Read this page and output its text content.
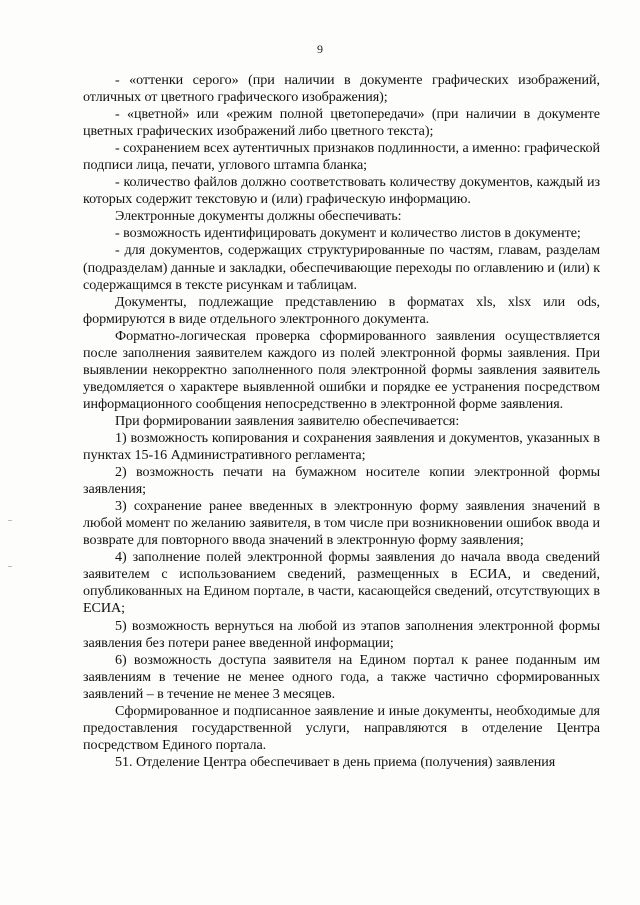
9

- «оттенки серого» (при наличии в документе графических изображений, отличных от цветного графического изображения);

- «цветной» или «режим полной цветопередачи» (при наличии в документе цветных графических изображений либо цветного текста);

- сохранением всех аутентичных признаков подлинности, а именно: графической подписи лица, печати, углового штампа бланка;

- количество файлов должно соответствовать количеству документов, каждый из которых содержит текстовую и (или) графическую информацию.

Электронные документы должны обеспечивать:

- возможность идентифицировать документ и количество листов в документе;

- для документов, содержащих структурированные по частям, главам, разделам (подразделам) данные и закладки, обеспечивающие переходы по оглавлению и (или) к содержащимся в тексте рисункам и таблицам.

Документы, подлежащие представлению в форматах xls, xlsx или ods, формируются в виде отдельного электронного документа.

Форматно-логическая проверка сформированного заявления осуществляется после заполнения заявителем каждого из полей электронной формы заявления. При выявлении некорректно заполненного поля электронной формы заявления заявитель уведомляется о характере выявленной ошибки и порядке ее устранения посредством информационного сообщения непосредственно в электронной форме заявления.

При формировании заявления заявителю обеспечивается:

1) возможность копирования и сохранения заявления и документов, указанных в пунктах 15-16 Административного регламента;

2) возможность печати на бумажном носителе копии электронной формы заявления;

3) сохранение ранее введенных в электронную форму заявления значений в любой момент по желанию заявителя, в том числе при возникновении ошибок ввода и возврате для повторного ввода значений в электронную форму заявления;

4) заполнение полей электронной формы заявления до начала ввода сведений заявителем с использованием сведений, размещенных в ЕСИА, и сведений, опубликованных на Едином портале, в части, касающейся сведений, отсутствующих в ЕСИА;

5) возможность вернуться на любой из этапов заполнения электронной формы заявления без потери ранее введенной информации;

6) возможность доступа заявителя на Едином портал к ранее поданным им заявлениям в течение не менее одного года, а также частично сформированных заявлений – в течение не менее 3 месяцев.

Сформированное и подписанное заявление и иные документы, необходимые для предоставления государственной услуги, направляются в отделение Центра посредством Единого портала.

51. Отделение Центра обеспечивает в день приема (получения) заявления
